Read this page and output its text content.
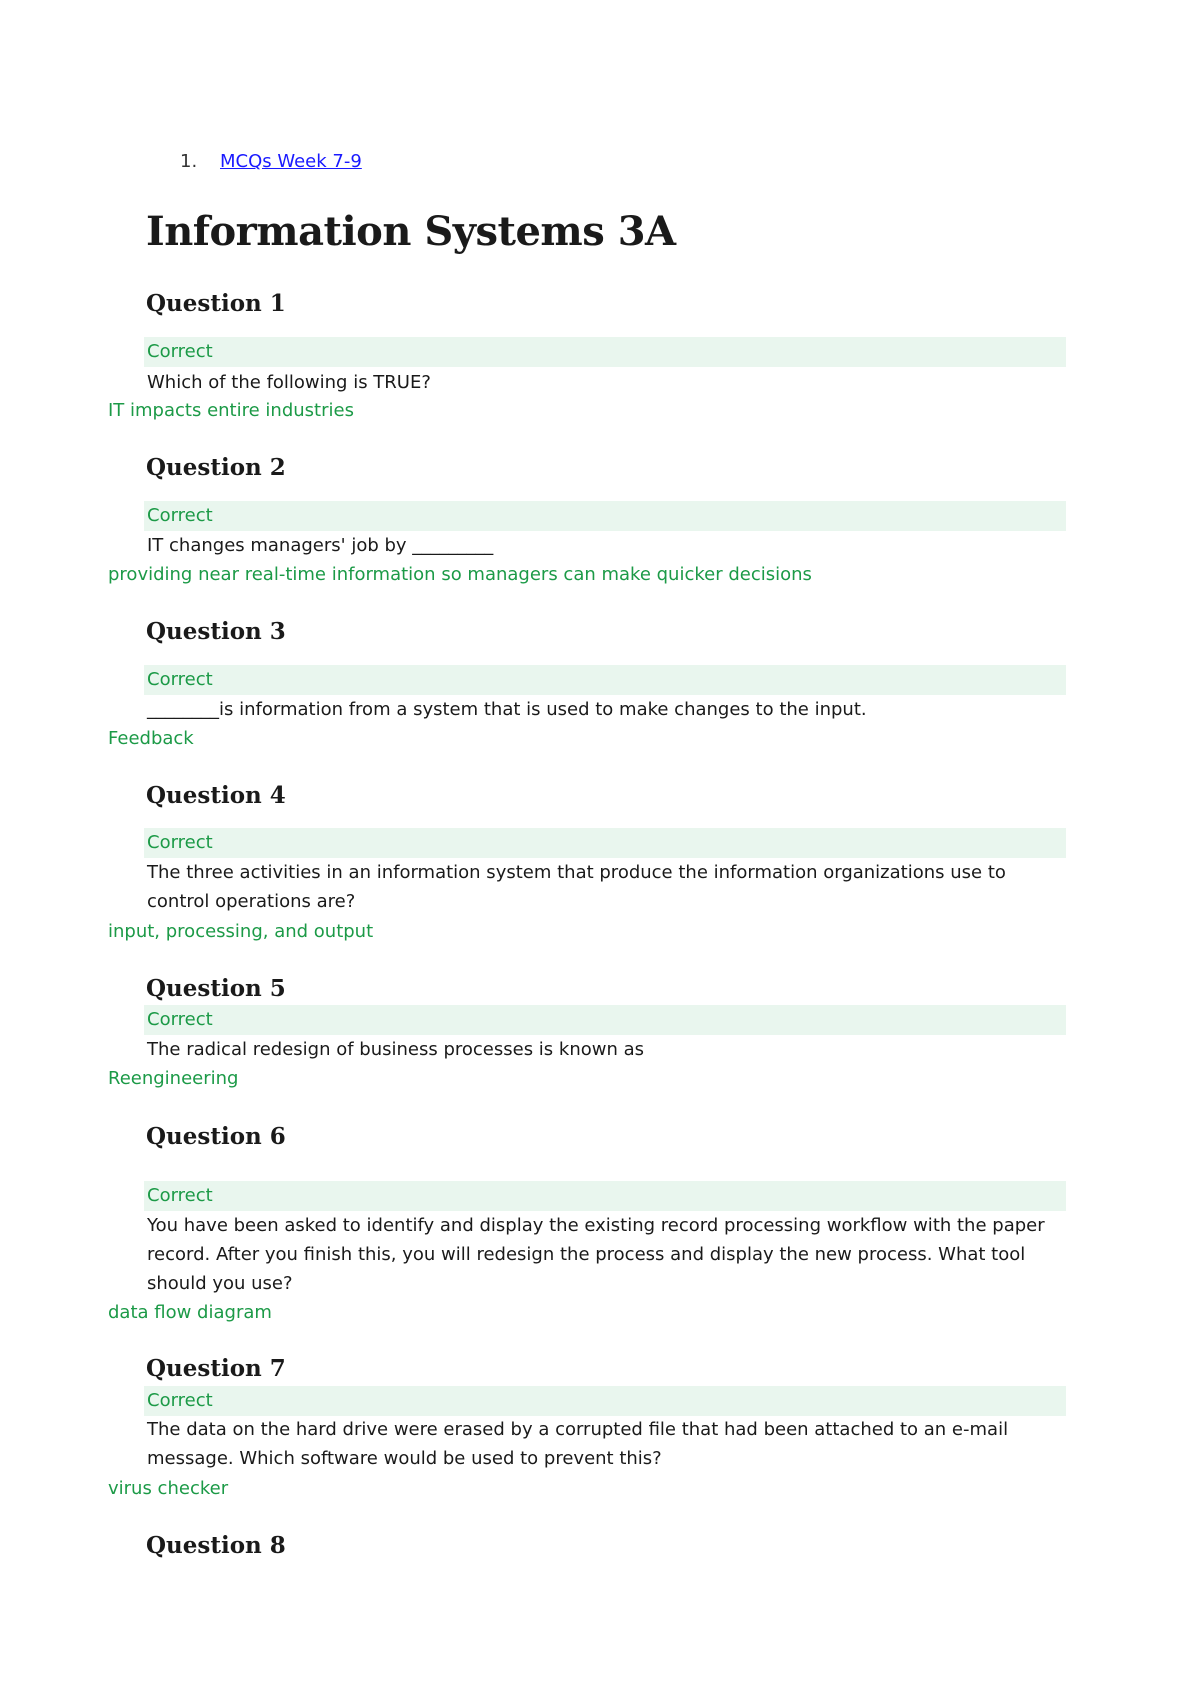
1. MCQs Week 7-9
Information Systems 3A
Question 1
Correct
Which of the following is TRUE?
IT impacts entire industries
Question 2
Correct
IT changes managers' job by _________
providing near real-time information so managers can make quicker decisions
Question 3
Correct
________is information from a system that is used to make changes to the input.
Feedback
Question 4
Correct
The three activities in an information system that produce the information organizations use to control operations are?
input, processing, and output
Question 5
Correct
The radical redesign of business processes is known as
Reengineering
Question 6
Correct
You have been asked to identify and display the existing record processing workflow with the paper record. After you finish this, you will redesign the process and display the new process. What tool should you use?
data flow diagram
Question 7
Correct
The data on the hard drive were erased by a corrupted file that had been attached to an e-mail message. Which software would be used to prevent this?
virus checker
Question 8
